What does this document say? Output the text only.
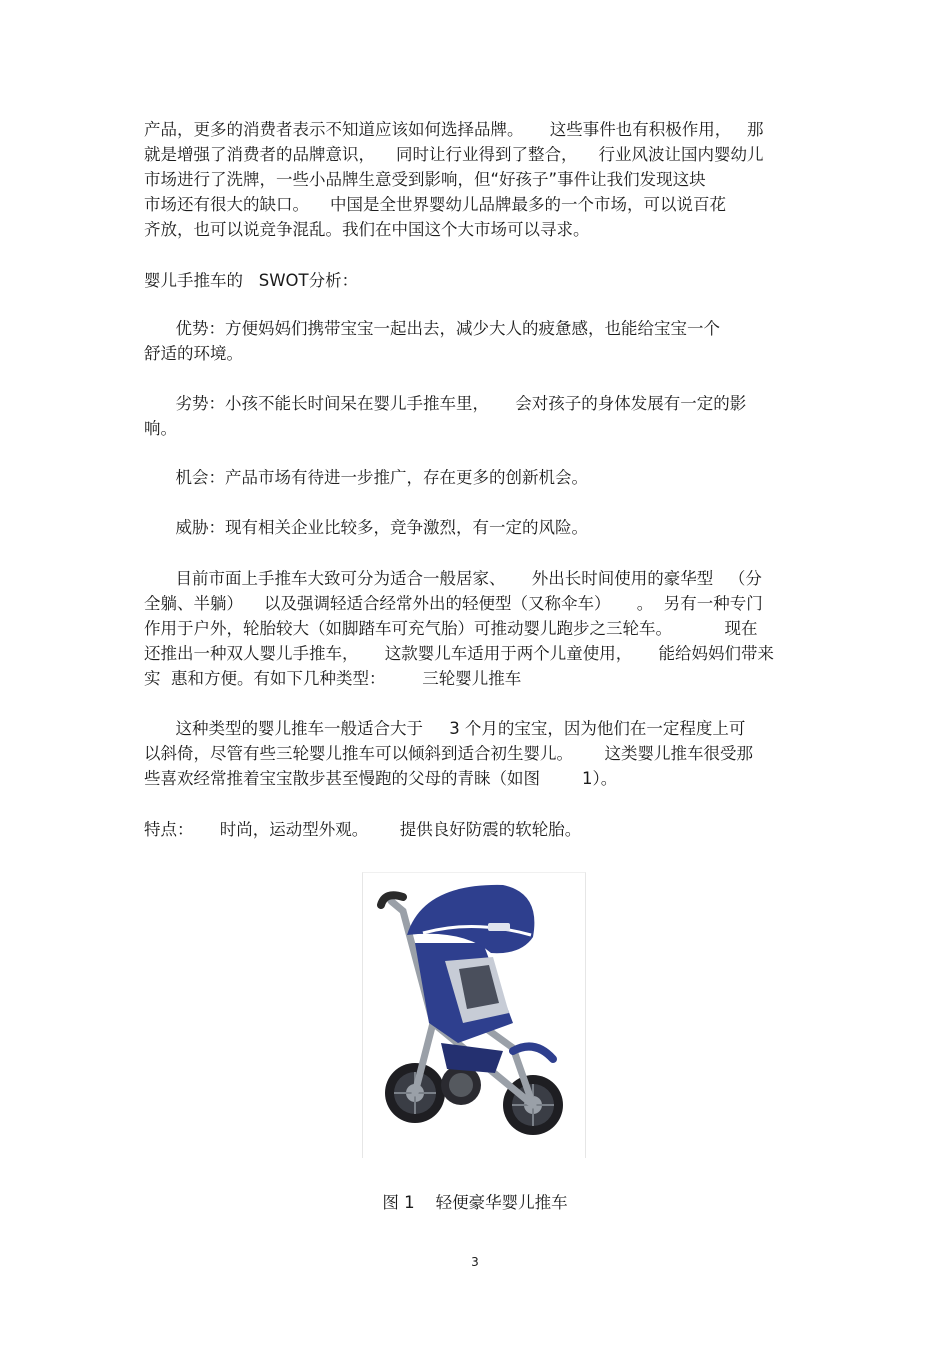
产品，更多的消费者表示不知道应该如何选择品牌。     这些事件也有积极作用，   那
就是增强了消费者的品牌意识，    同时让行业得到了整合，    行业风波让国内婴幼儿
市场进行了洗牌，一些小品牌生意受到影响，但“好孩子”事件让我们发现这块
市场还有很大的缺口。    中国是全世界婴幼儿品牌最多的一个市场，可以说百花
齐放，也可以说竞争混乱。我们在中国这个大市场可以寻求。
婴儿手推车的   SWOT分析：
优势：方便妈妈们携带宝宝一起出去，减少大人的疲惫感，也能给宝宝一个
舒适的环境。
劣势：小孩不能长时间呆在婴儿手推车里，     会对孩子的身体发展有一定的影
响。
机会：产品市场有待进一步推广，存在更多的创新机会。
威胁：现有相关企业比较多，竞争激烈，有一定的风险。
目前市面上手推车大致可分为适合一般居家、     外出长时间使用的豪华型   （分
全躺、半躺）    以及强调轻适合经常外出的轻便型（又称伞车）     。  另有一种专门
作用于户外，轮胎较大（如脚踏车可充气胎）可推动婴儿跑步之三轮车。          现在
还推出一种双人婴儿手推车，     这款婴儿车适用于两个儿童使用，     能给妈妈们带来
实  惠和方便。有如下几种类型：       三轮婴儿推车
这种类型的婴儿推车一般适合大于     3 个月的宝宝，因为他们在一定程度上可
以斜倚，尽管有些三轮婴儿推车可以倾斜到适合初生婴儿。      这类婴儿推车很受那
些喜欢经常推着宝宝散步甚至慢跑的父母的青睐（如图        1）。
特点：     时尚，运动型外观。      提供良好防震的软轮胎。
图 1    轻便豪华婴儿推车
3
